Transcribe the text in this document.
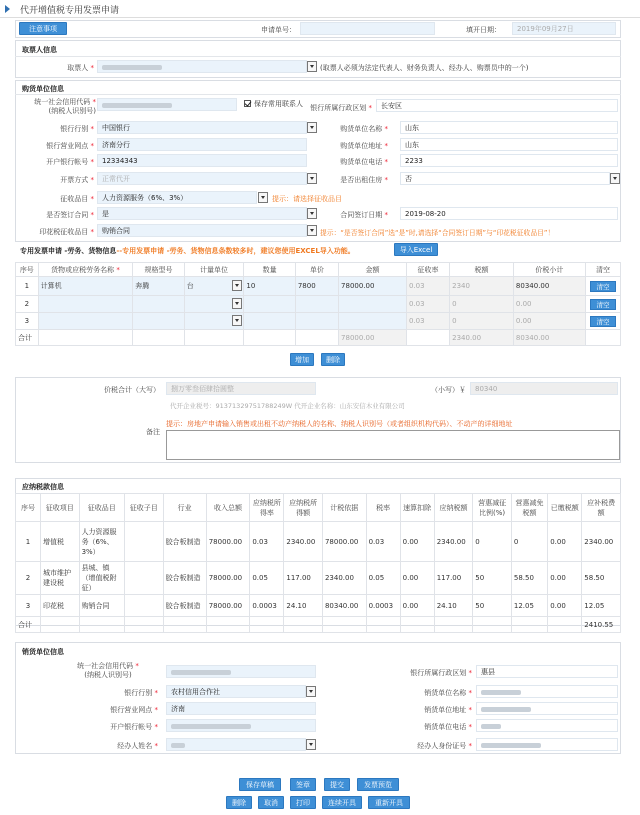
代开增值税专用发票申请
注意事项	申请单号：	填开日期：	2019年09月27日
取票人信息
取票人 *	(取票人必须为法定代表人、财务负责人、经办人、购票员中的一个)
购货单位信息
统一社会信用代码 *
(纳税人识别号)
保存常用联系人 银行所属行政区划 *	长安区
银行行别 *	中国银行	购货单位名称 *	山东
银行营业网点 *	济南分行	购货单位地址 *	山东
开户银行帐号 *	12334343	购货单位电话 *	2233
开票方式 *	正常代开	是否出租住房 *	否
征收品目 *	人力资源服务（6%、3%）	提示：请选择征收品目
是否签订合同 *	是	合同签订日期 *	2019-08-20
印花税征收品目 *	购销合同	提示：“是否签订合同”选“是”时,请选择“合同签订日期”与“印花税征收品目”！
专用发票申请 -劳务、货物信息--专用发票申请 -劳务、货物信息条数较多时，建议您使用EXCEL导入功能。	导入Excel
序号	货物或应税劳务名称 *	规格型号	计量单位	数量	单价	金额	征收率	税额	价税小计	清空
1	计算机	奔腾	台	10	7800	78000.00	0.03	2340	80340.00	清空
2							0.03	0	0.00	清空
3							0.03	0	0.00	清空
合计						78000.00		2340.00	80340.00	
增加	删除
价税合计（大写）	捌万零叁佰肆拾圆整	（小写）￥	80340
代开企业税号：91371329751788249W 代开企业名称：山东安信木业有限公司
备注
提示：房地产申请输入销售或出租不动产纳税人的名称、纳税人识别号（或者组织机构代码）、不动产的详细地址
应纳税款信息
序号	征收项目	征收品目	征收子目	行业	收入总额	应纳税所得率	应纳税所得额	计税依据	税率	速算扣除	应纳税额	营惠减征比例(%)	营惠减免税额	已缴税额	应补税费额
1	增值税	人力资源服务（6%、3%）		胶合板制造	78000.00	0.03	2340.00	78000.00	0.03	0.00	2340.00	0	0	0.00	2340.00
2	城市维护建设税	县城、镇（增值税附征）		胶合板制造	78000.00	0.05	117.00	2340.00	0.05	0.00	117.00	50	58.50	0.00	58.50
3	印花税	购销合同		胶合板制造	78000.00	0.0003	24.10	80340.00	0.0003	0.00	24.10	50	12.05	0.00	12.05
合计															2410.55
销货单位信息
统一社会信用代码 *
(纳税人识别号)	银行所属行政区划 *	惠县
银行行别 *	农村信用合作社	销货单位名称 *
银行营业网点 *	济南	销货单位地址 *
开户银行帐号 *	销货单位电话 *
经办人姓名 *	经办人身份证号 *
保存草稿	签章	提交	发票预览
删除	取消	打印	连续开具	重新开具
